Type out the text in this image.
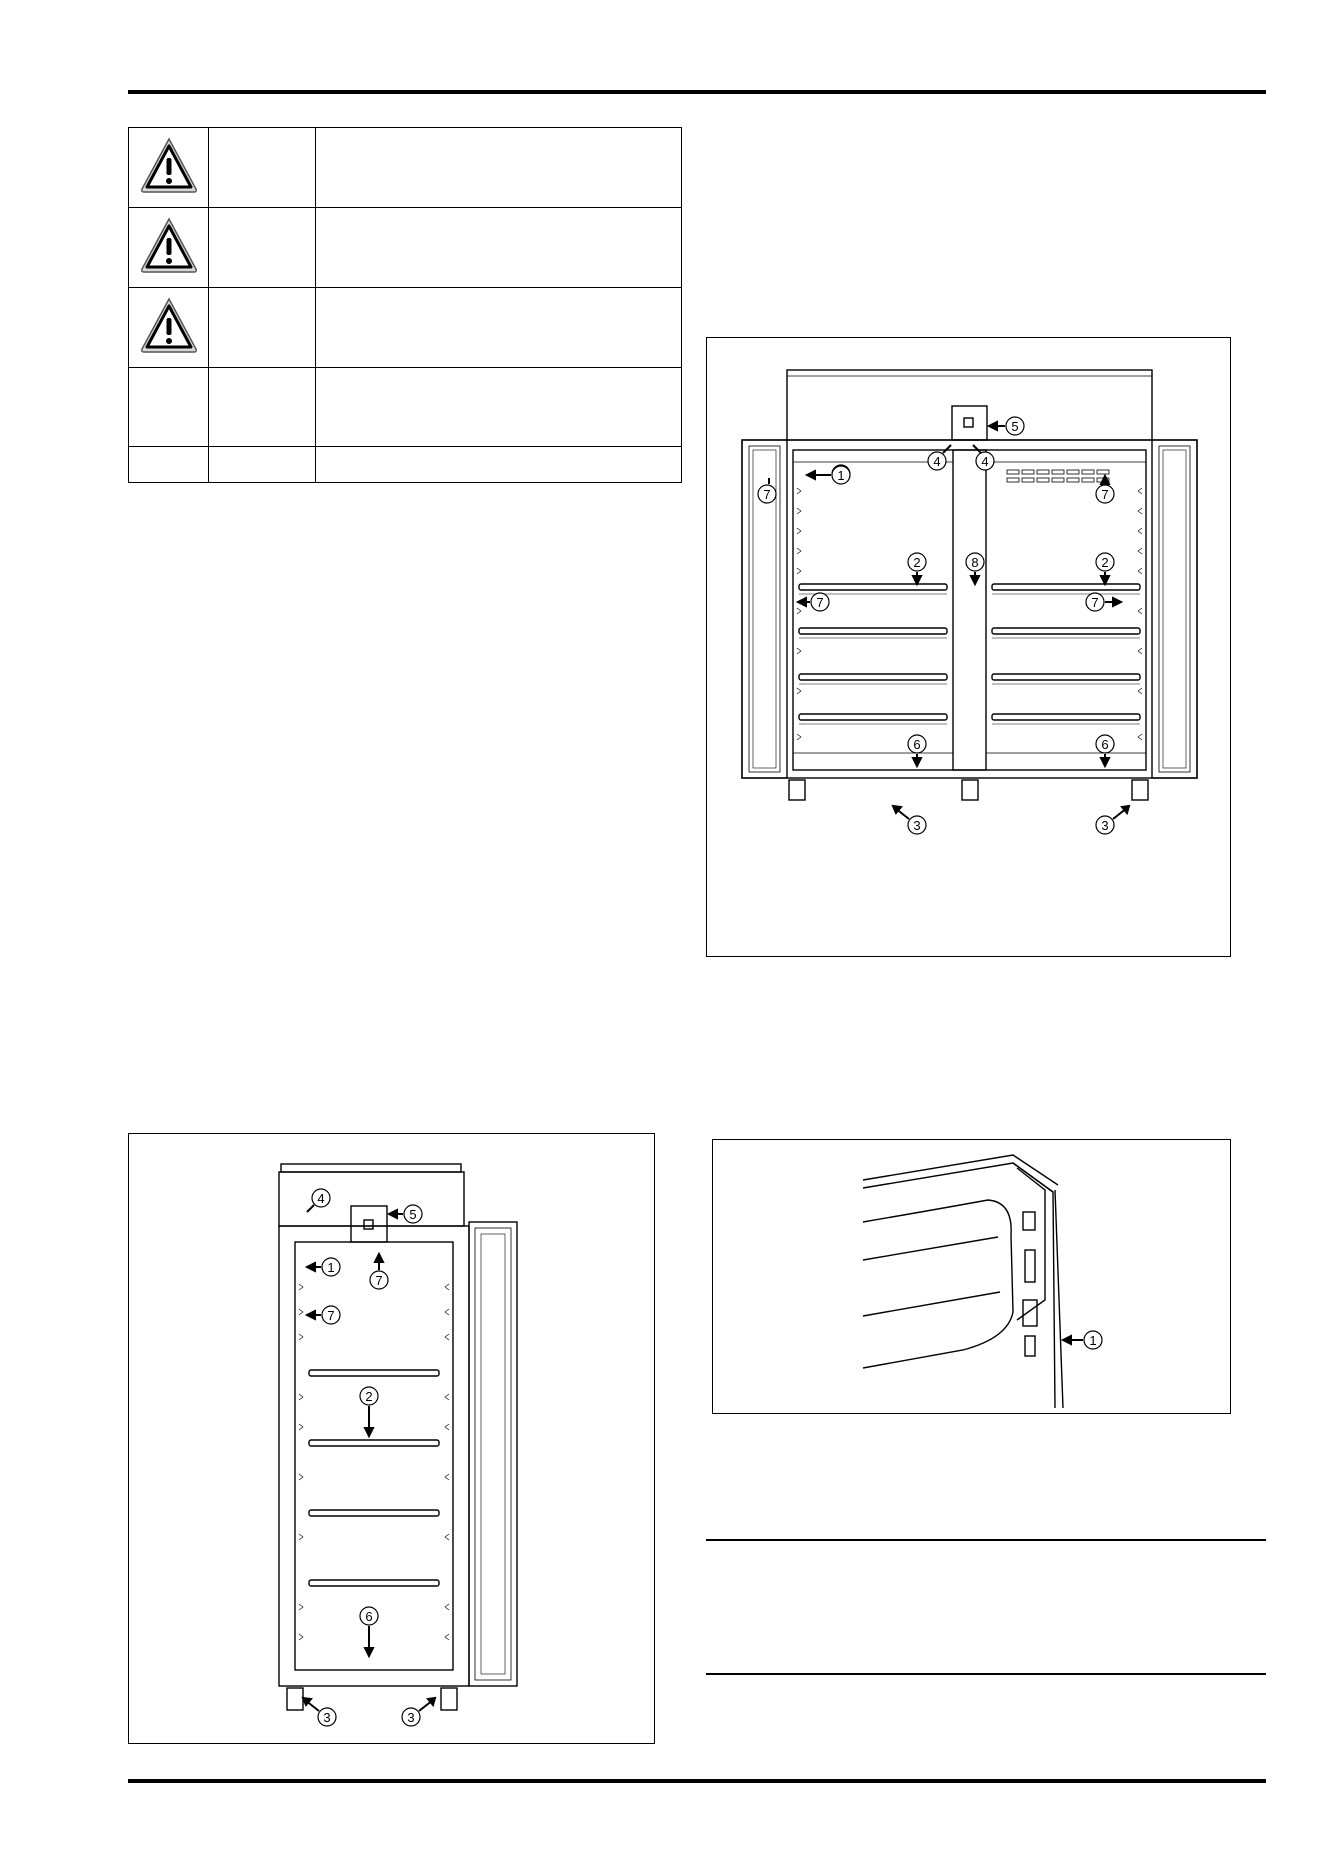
1
7
2	2
7	7
8
7
3	3
6	6
4	4
5
4
5
1
7
7
2
6
3	3
1
